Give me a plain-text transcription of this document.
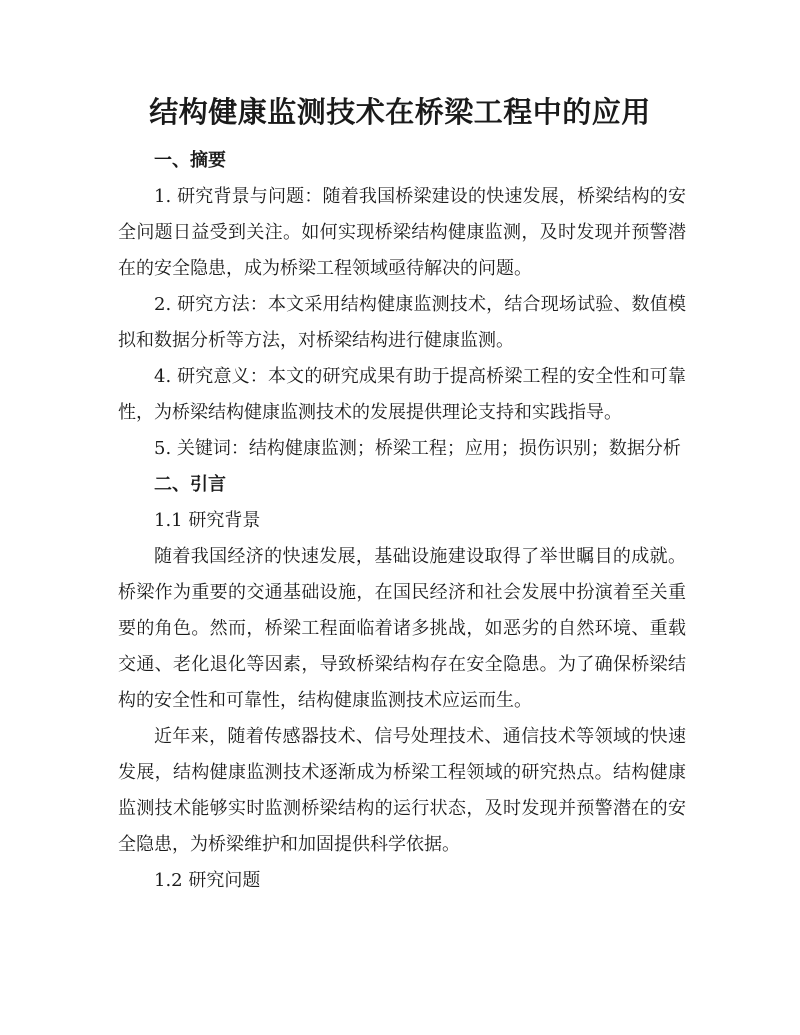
结构健康监测技术在桥梁工程中的应用

一、摘要

1. 研究背景与问题：随着我国桥梁建设的快速发展，桥梁结构的安全问题日益受到关注。如何实现桥梁结构健康监测，及时发现并预警潜在的安全隐患，成为桥梁工程领域亟待解决的问题。

2. 研究方法：本文采用结构健康监测技术，结合现场试验、数值模拟和数据分析等方法，对桥梁结构进行健康监测。

4. 研究意义：本文的研究成果有助于提高桥梁工程的安全性和可靠性，为桥梁结构健康监测技术的发展提供理论支持和实践指导。

5. 关键词：结构健康监测；桥梁工程；应用；损伤识别；数据分析

二、引言

1.1 研究背景

随着我国经济的快速发展，基础设施建设取得了举世瞩目的成就。桥梁作为重要的交通基础设施，在国民经济和社会发展中扮演着至关重要的角色。然而，桥梁工程面临着诸多挑战，如恶劣的自然环境、重载交通、老化退化等因素，导致桥梁结构存在安全隐患。为了确保桥梁结构的安全性和可靠性，结构健康监测技术应运而生。

近年来，随着传感器技术、信号处理技术、通信技术等领域的快速发展，结构健康监测技术逐渐成为桥梁工程领域的研究热点。结构健康监测技术能够实时监测桥梁结构的运行状态，及时发现并预警潜在的安全隐患，为桥梁维护和加固提供科学依据。

1.2 研究问题
